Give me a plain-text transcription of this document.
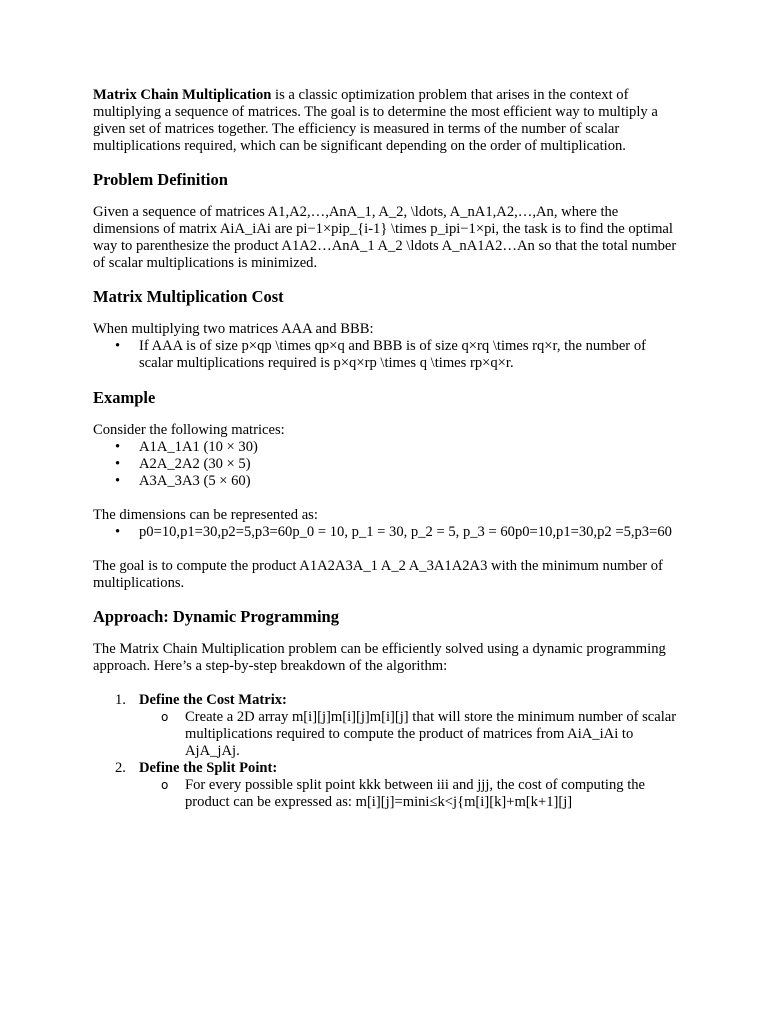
Matrix Chain Multiplication is a classic optimization problem that arises in the context of multiplying a sequence of matrices. The goal is to determine the most efficient way to multiply a given set of matrices together. The efficiency is measured in terms of the number of scalar multiplications required, which can be significant depending on the order of multiplication.

Problem Definition

Given a sequence of matrices A1,A2,…,AnA_1, A_2, \ldots, A_nA1,A2,…,An, where the dimensions of matrix AiA_iAi are pi−1×pip_{i-1} \times p_ipi−1×pi, the task is to find the optimal way to parenthesize the product A1A2…AnA_1 A_2 \ldots A_nA1A2…An so that the total number of scalar multiplications is minimized.

Matrix Multiplication Cost

When multiplying two matrices AAA and BBB:

• If AAA is of size p×qp \times qp×q and BBB is of size q×rq \times rq×r, the number of scalar multiplications required is p×q×rp \times q \times rp×q×r.
Example

Consider the following matrices:

• A1A_1A1 (10 × 30)
• A2A_2A2 (30 × 5)
• A3A_3A3 (5 × 60)

The dimensions can be represented as:

• p0=10,p1=30,p2=5,p3=60p_0 = 10, p_1 = 30, p_2 = 5, p_3 = 60p0=10,p1=30,p2 =5,p3=60

The goal is to compute the product A1A2A3A_1 A_2 A_3A1A2A3 with the minimum number of multiplications.

Approach: Dynamic Programming

The Matrix Chain Multiplication problem can be efficiently solved using a dynamic programming approach. Here’s a step-by-step breakdown of the algorithm:

1. Define the Cost Matrix:
o Create a 2D array m[i][j]m[i][j]m[i][j] that will store the minimum number of scalar multiplications required to compute the product of matrices from AiA_iAi to AjA_jAj.
2. Define the Split Point:
o For every possible split point kkk between iii and jjj, the cost of computing the product can be expressed as: m[i][j]=mini≤k<j{m[i][k]+m[k+1][j]
